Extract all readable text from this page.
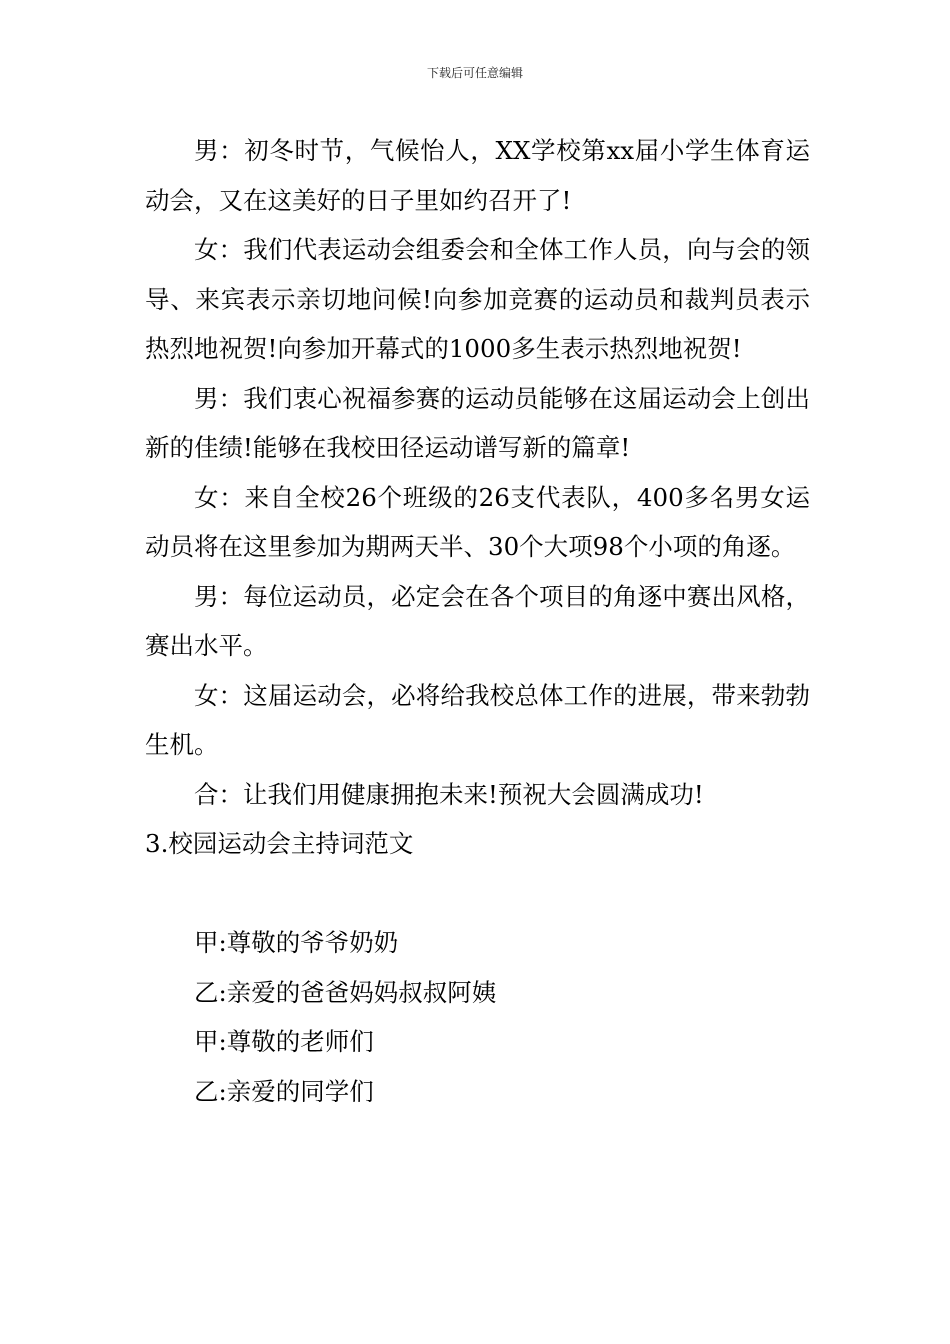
下载后可任意编辑

男：初冬时节，气候怡人，XX学校第xx届小学生体育运动会，又在这美好的日子里如约召开了!

女：我们代表运动会组委会和全体工作人员，向与会的领导、来宾表示亲切地问候!向参加竞赛的运动员和裁判员表示热烈地祝贺!向参加开幕式的1000多生表示热烈地祝贺!

男：我们衷心祝福参赛的运动员能够在这届运动会上创出新的佳绩!能够在我校田径运动谱写新的篇章!

女：来自全校26个班级的26支代表队，400多名男女运动员将在这里参加为期两天半、30个大项98个小项的角逐。

男：每位运动员，必定会在各个项目的角逐中赛出风格，赛出水平。

女：这届运动会，必将给我校总体工作的进展，带来勃勃生机。

合：让我们用健康拥抱未来!预祝大会圆满成功!

3.校园运动会主持词范文

甲:尊敬的爷爷奶奶

乙:亲爱的爸爸妈妈叔叔阿姨

甲:尊敬的老师们

乙:亲爱的同学们
